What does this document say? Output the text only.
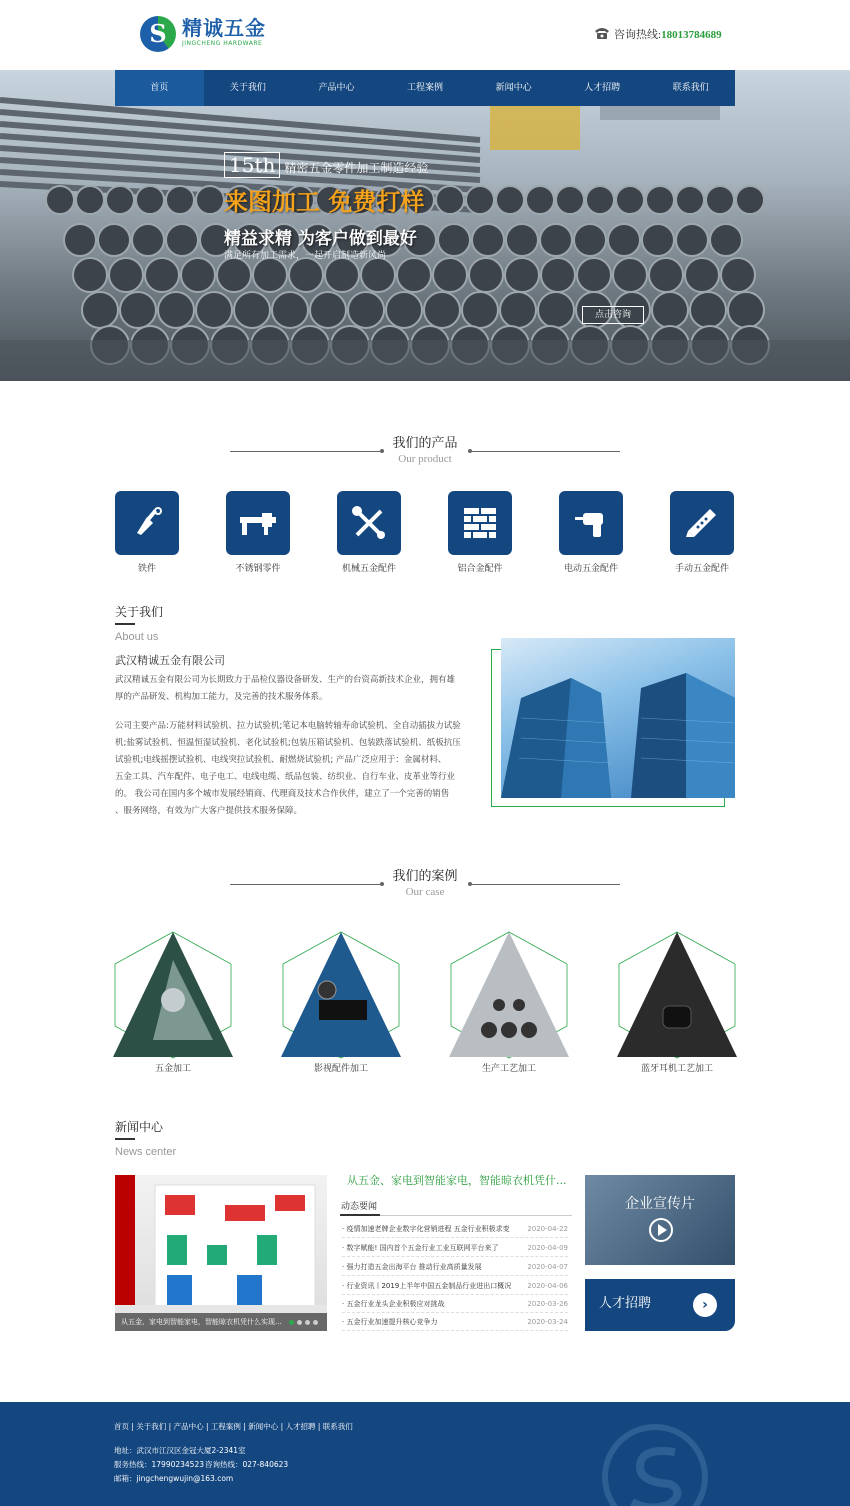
S
精诚五金
JINGCHENG HARDWARE
咨询热线:18013784689
首页	关于我们	产品中心	工程案例	新闻中心	人才招聘	联系我们
15th 精密五金零件加工制造经验
来图加工 免费打样
精益求精 为客户做到最好
满足所有加工需求，一起开启制造新风尚
点击咨询
我们的产品
Our product
铁件	不锈钢零件	机械五金配件	铝合金配件	电动五金配件	手动五金配件
关于我们
About us
武汉精诚五金有限公司
武汉精诚五金有限公司为长期致力于品检仪器设备研发、生产的台资高新技术企业，拥有雄
厚的产品研发、机构加工能力，及完善的技术服务体系。
公司主要产品:万能材料试验机、拉力试验机;笔记本电脑转轴寿命试验机、全自动插拔力试验
机;盐雾试验机、恒温恒湿试验机、老化试验机;包装压箱试验机、包装跌落试验机、纸板抗压
试验机;电线摇摆试验机、电线突拉试验机、耐燃烧试验机; 产品广泛应用于：金属材料、
五金工具、汽车配件、电子电工、电线电缆、纸品包装、纺织业、自行车业、皮革业等行业
的。 我公司在国内多个城市发展经销商、代理商及技术合作伙伴，建立了一个完善的销售
、服务网络，有效为广大客户提供技术服务保障。
我们的案例
Our case
五金加工	影视配件加工	生产工艺加工	蓝牙耳机工艺加工
新闻中心
News center
从五金、家电到智能家电，智能晾衣机凭什么实现...
从五金、家电到智能家电，智能晾衣机凭什...
动态要闻
· 疫情加速老牌企业数字化营销进程 五金行业积极求变	2020-04-22
· 数字赋能! 国内首个五金行业工业互联网平台来了	2020-04-09
· 强力打造五金出海平台 推动行业高质量发展	2020-04-07
· 行业资讯丨2019上半年中国五金制品行业进出口概况 2020-04-06
· 五金行业龙头企业积极应对挑战	2020-03-26
· 五金行业加速提升核心竞争力	2020-03-24
企业宣传片
人才招聘	›
首页 | 关于我们 | 产品中心 | 工程案例 | 新闻中心 | 人才招聘 | 联系我们
地址：武汉市江汉区金冠大厦2-2341室
服务热线：17990234523 咨询热线：027-840623
邮箱：jingchengwujin@163.com
